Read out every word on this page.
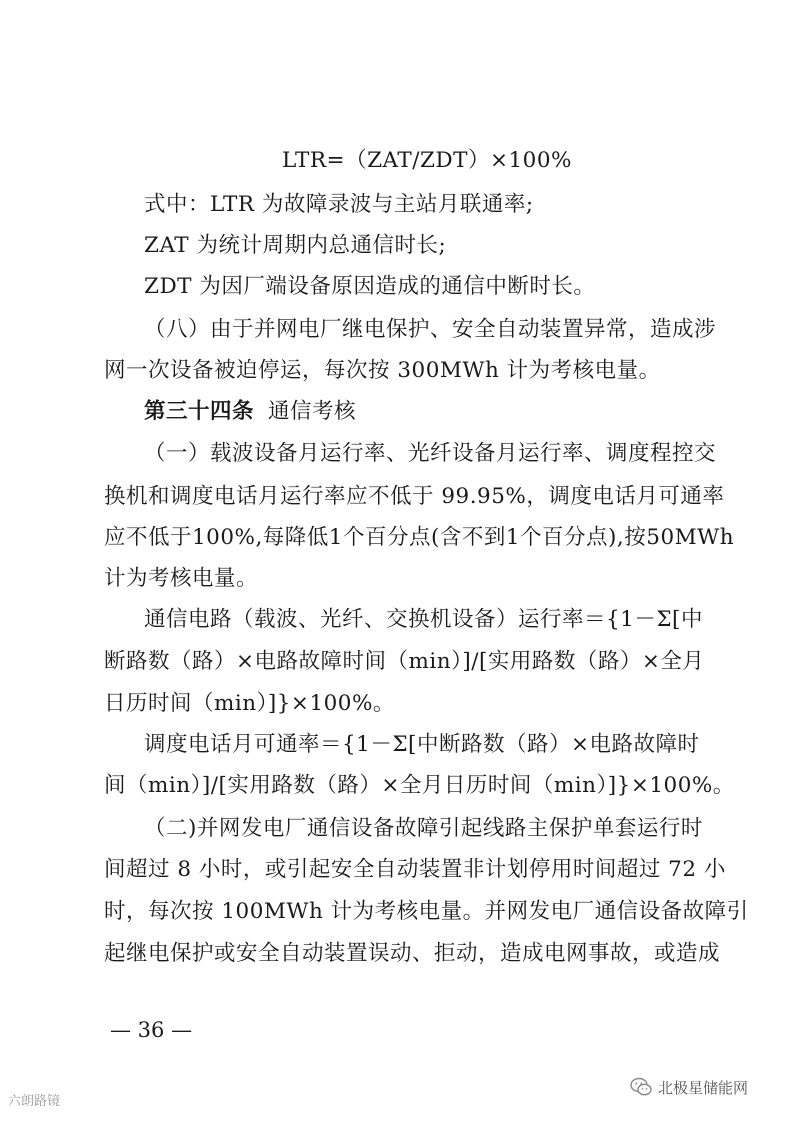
LTR=（ZAT/ZDT）×100%
式中：LTR 为故障录波与主站月联通率;
ZAT 为统计周期内总通信时长;
ZDT 为因厂端设备原因造成的通信中断时长。
（八）由于并网电厂继电保护、安全自动装置异常，造成涉
网一次设备被迫停运，每次按 300MWh 计为考核电量。
第三十四条 通信考核
（一）载波设备月运行率、光纤设备月运行率、调度程控交
换机和调度电话月运行率应不低于 99.95%，调度电话月可通率
应不低于100%,每降低1个百分点(含不到1个百分点),按50MWh
计为考核电量。
通信电路（载波、光纤、交换机设备）运行率＝{1－Σ[中
断路数（路）×电路故障时间（min）]/[实用路数（路）×全月
日历时间（min）]}×100%。
调度电话月可通率＝{1－Σ[中断路数（路）×电路故障时
间（min）]/[实用路数（路）×全月日历时间（min）]}×100%。
（二)并网发电厂通信设备故障引起线路主保护单套运行时
间超过 8 小时，或引起安全自动装置非计划停用时间超过 72 小
时，每次按 100MWh 计为考核电量。并网发电厂通信设备故障引
起继电保护或安全自动装置误动、拒动，造成电网事故，或造成
— 36 —
六朗路镜
北极星储能网
